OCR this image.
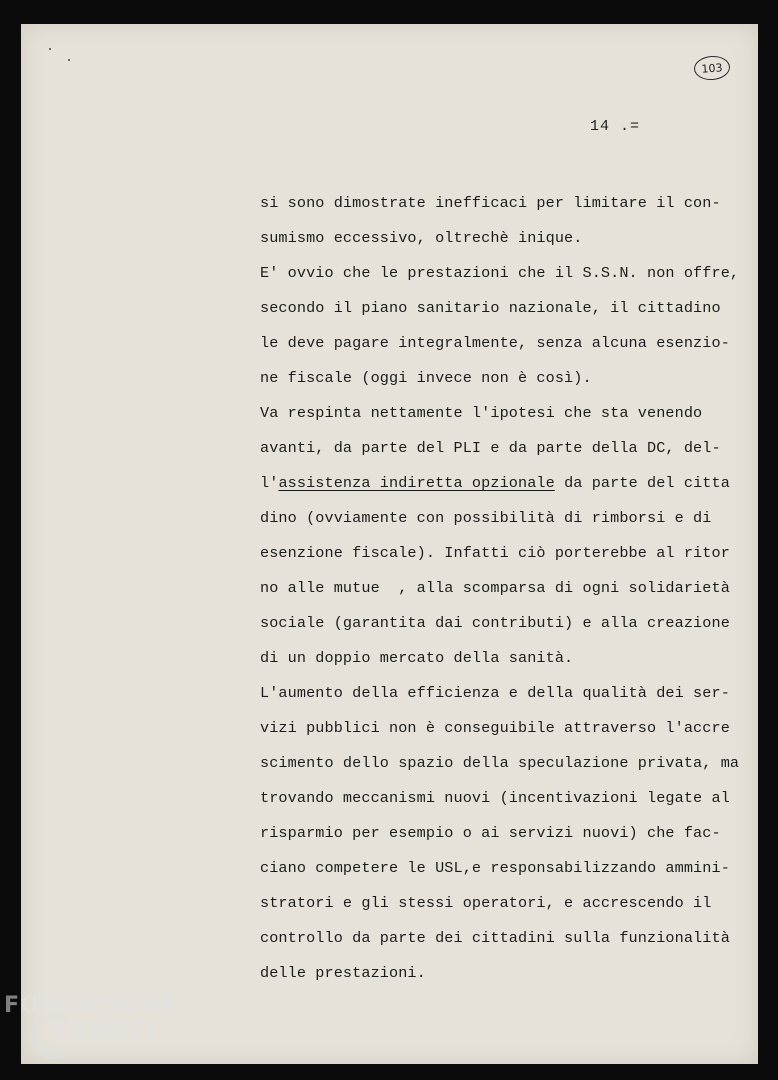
103
14 .=
si sono dimostrate inefficaci per limitare il con-
sumismo eccessivo, oltrechè inique.
E' ovvio che le prestazioni che il S.S.N. non offre,
secondo il piano sanitario nazionale, il cittadino
le deve pagare integralmente, senza alcuna esenzio-
ne fiscale (oggi invece non è così).
Va respinta nettamente l'ipotesi che sta venendo
avanti, da parte del PLI e da parte della DC, del-
l'assistenza indiretta opzionale da parte del citta
dino (ovviamente con possibilità di rimborsi e di
esenzione fiscale). Infatti ciò porterebbe al ritor
no alle mutue  , alla scomparsa di ogni solidarietà
sociale (garantita dai contributi) e alla creazione
di un doppio mercato della sanità.
L'aumento della efficienza e della qualità dei ser-
vizi pubblici non è conseguibile attraverso l'accre
scimento dello spazio della speculazione privata, ma
trovando meccanismi nuovi (incentivazioni legate al
risparmio per esempio o ai servizi nuovi) che fac-
ciano competere le USL,e responsabilizzando ammini-
stratori e gli stessi operatori, e accrescendo il
controllo da parte dei cittadini sulla funzionalità
delle prestazioni.
FONDAZIONE
RAMSCI
onlus
